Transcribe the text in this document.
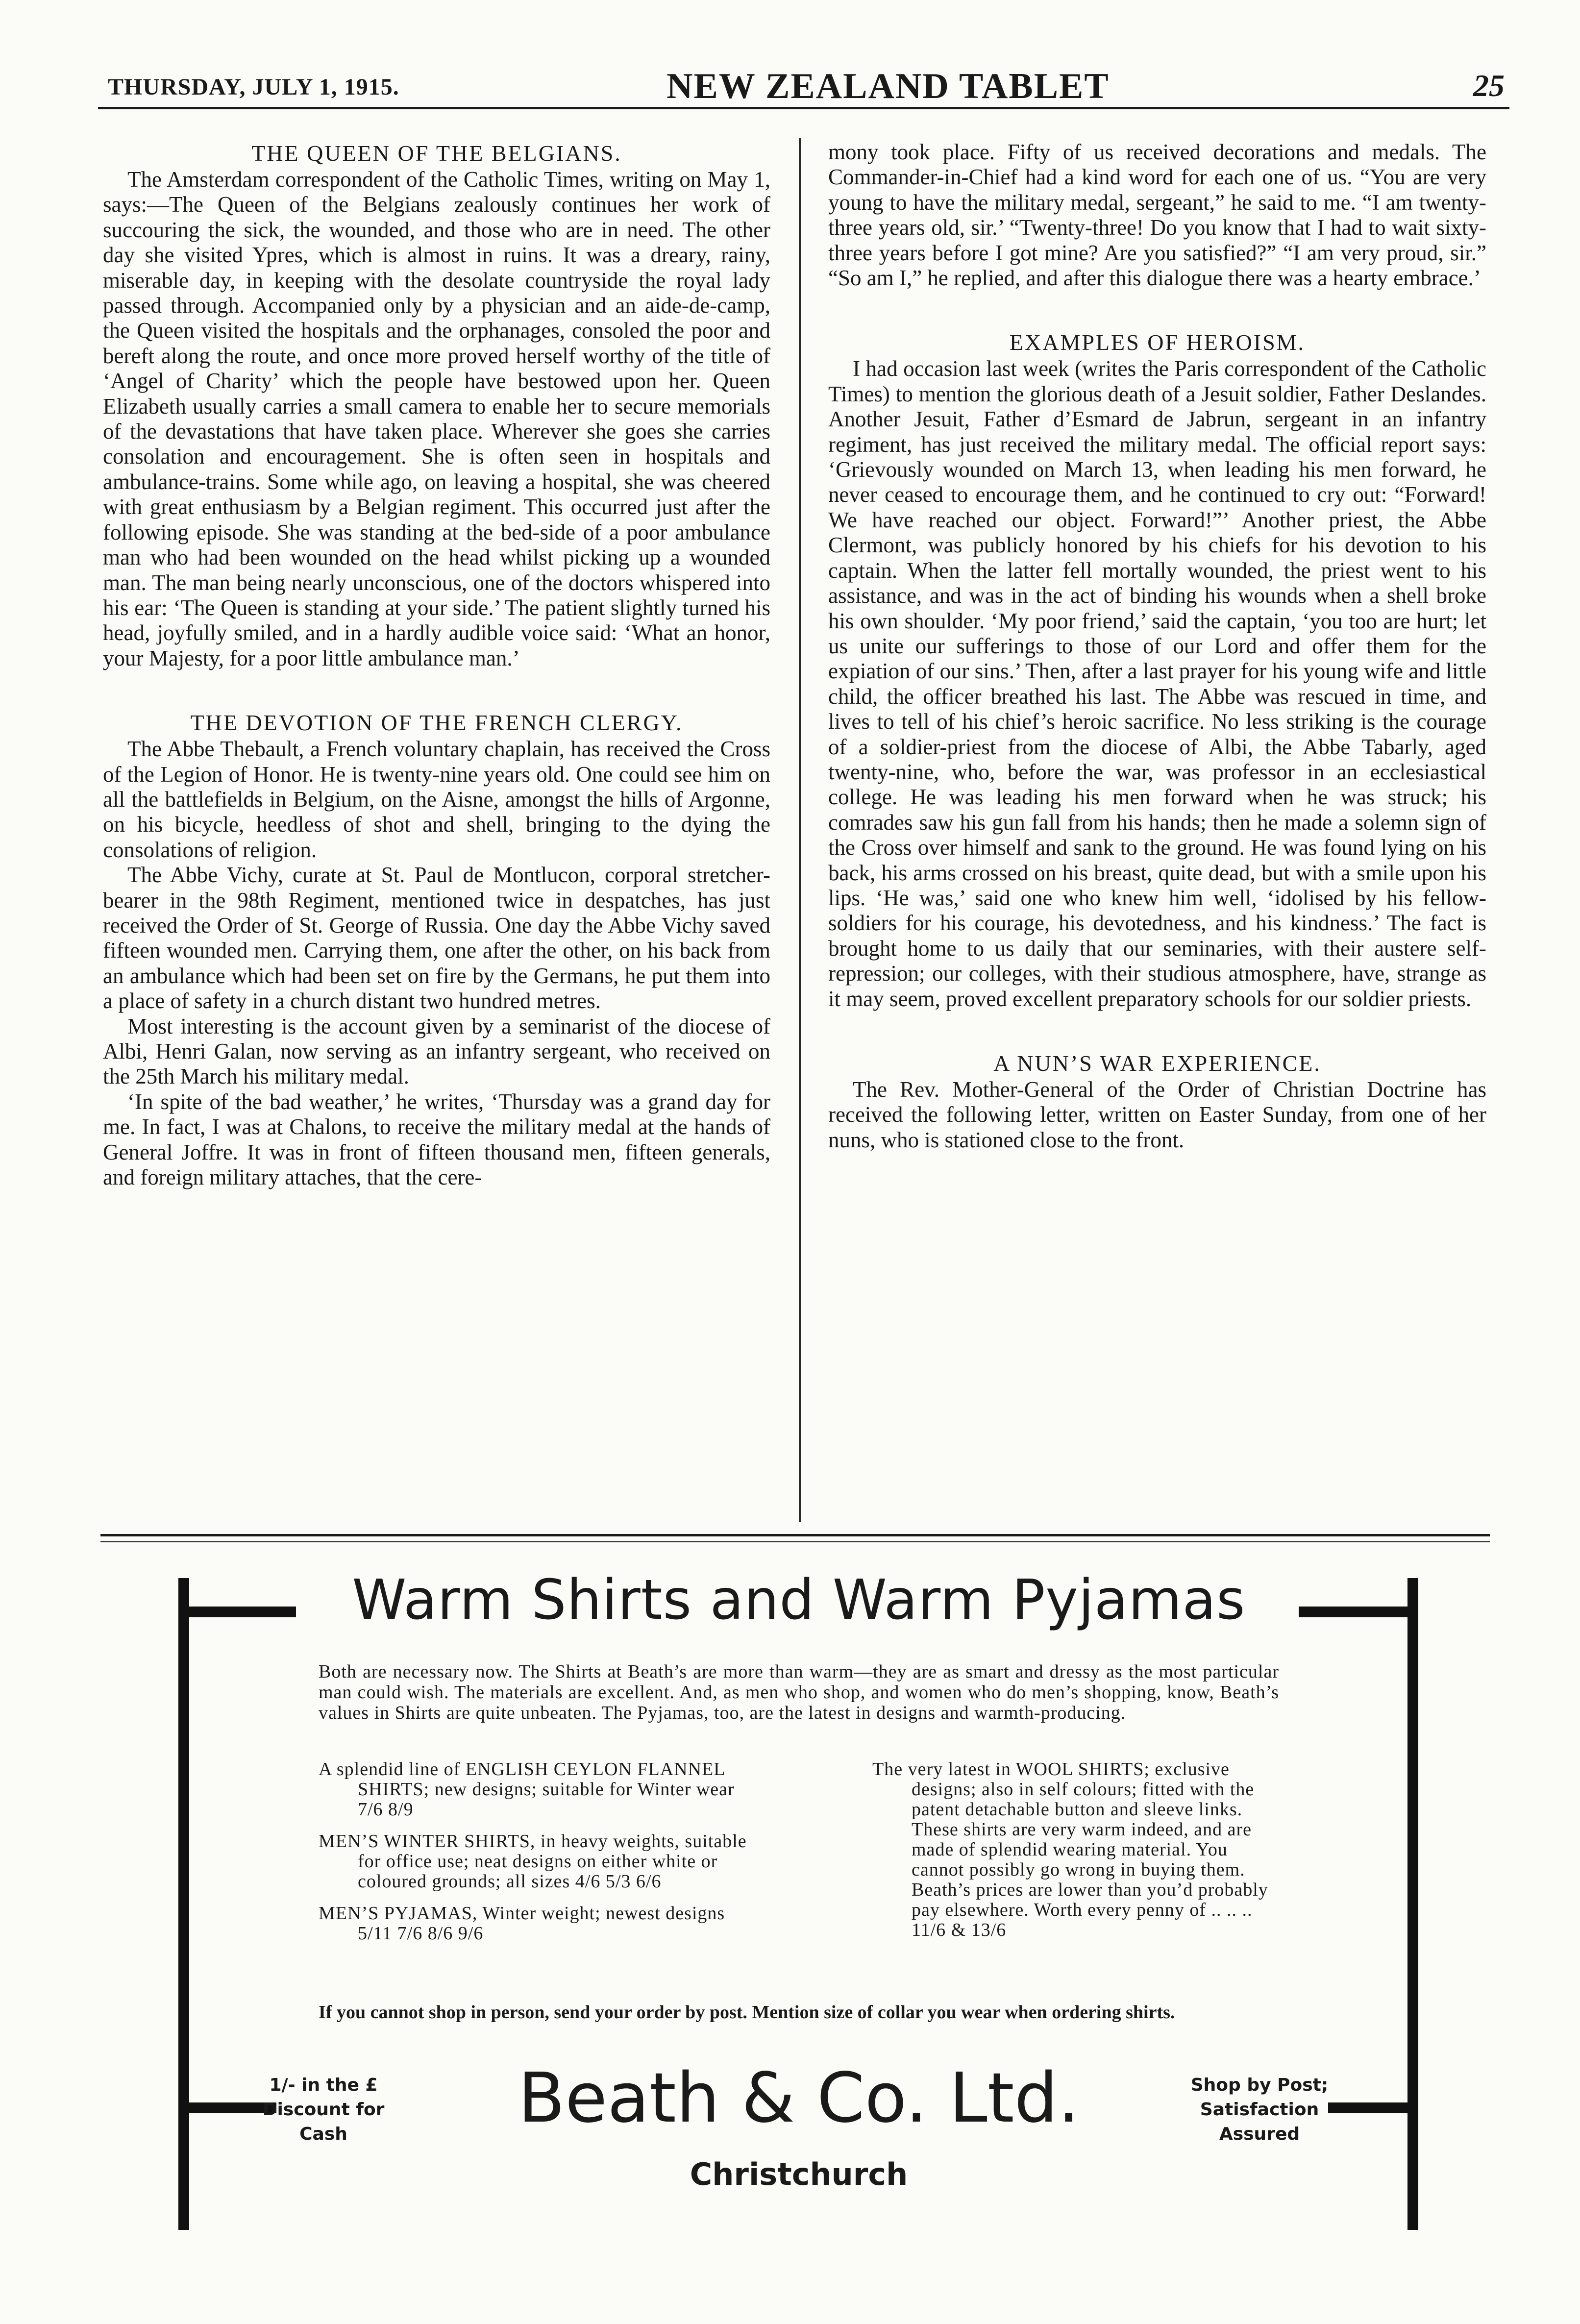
THURSDAY, JULY 1, 1915.	NEW ZEALAND TABLET	25
THE QUEEN OF THE BELGIANS.

The Amsterdam correspondent of the Catholic Times, writing on May 1, says:—The Queen of the Belgians zealously continues her work of succouring the sick, the wounded, and those who are in need. The other day she visited Ypres, which is almost in ruins. It was a dreary, rainy, miserable day, in keeping with the desolate countryside the royal lady passed through. Accompanied only by a physician and an aide-de-camp, the Queen visited the hospitals and the orphanages, consoled the poor and bereft along the route, and once more proved herself worthy of the title of ‘Angel of Charity’ which the people have bestowed upon her. Queen Elizabeth usually carries a small camera to enable her to secure memorials of the devastations that have taken place. Wherever she goes she carries consolation and encouragement. She is often seen in hospitals and ambulance-trains. Some while ago, on leaving a hospital, she was cheered with great enthusiasm by a Belgian regiment. This occurred just after the following episode. She was standing at the bed-side of a poor ambulance man who had been wounded on the head whilst picking up a wounded man. The man being nearly unconscious, one of the doctors whispered into his ear: ‘The Queen is standing at your side.’ The patient slightly turned his head, joyfully smiled, and in a hardly audible voice said: ‘What an honor, your Majesty, for a poor little ambulance man.’

THE DEVOTION OF THE FRENCH CLERGY.

The Abbe Thebault, a French voluntary chaplain, has received the Cross of the Legion of Honor. He is twenty-nine years old. One could see him on all the battlefields in Belgium, on the Aisne, amongst the hills of Argonne, on his bicycle, heedless of shot and shell, bringing to the dying the consolations of religion.

The Abbe Vichy, curate at St. Paul de Montlucon, corporal stretcher-bearer in the 98th Regiment, mentioned twice in despatches, has just received the Order of St. George of Russia. One day the Abbe Vichy saved fifteen wounded men. Carrying them, one after the other, on his back from an ambulance which had been set on fire by the Germans, he put them into a place of safety in a church distant two hundred metres.

Most interesting is the account given by a seminarist of the diocese of Albi, Henri Galan, now serving as an infantry sergeant, who received on the 25th March his military medal.

‘In spite of the bad weather,’ he writes, ‘Thursday was a grand day for me. In fact, I was at Chalons, to receive the military medal at the hands of General Joffre. It was in front of fifteen thousand men, fifteen generals, and foreign military attaches, that the cere-

mony took place. Fifty of us received decorations and medals. The Commander-in-Chief had a kind word for each one of us. “You are very young to have the military medal, sergeant,” he said to me. “I am twenty-three years old, sir.’ “Twenty-three! Do you know that I had to wait sixty-three years before I got mine? Are you satisfied?” “I am very proud, sir.” “So am I,” he replied, and after this dialogue there was a hearty embrace.’

EXAMPLES OF HEROISM.

I had occasion last week (writes the Paris correspondent of the Catholic Times) to mention the glorious death of a Jesuit soldier, Father Deslandes. Another Jesuit, Father d’Esmard de Jabrun, sergeant in an infantry regiment, has just received the military medal. The official report says: ‘Grievously wounded on March 13, when leading his men forward, he never ceased to encourage them, and he continued to cry out: “Forward! We have reached our object. Forward!”’ Another priest, the Abbe Clermont, was publicly honored by his chiefs for his devotion to his captain. When the latter fell mortally wounded, the priest went to his assistance, and was in the act of binding his wounds when a shell broke his own shoulder. ‘My poor friend,’ said the captain, ‘you too are hurt; let us unite our sufferings to those of our Lord and offer them for the expiation of our sins.’ Then, after a last prayer for his young wife and little child, the officer breathed his last. The Abbe was rescued in time, and lives to tell of his chief’s heroic sacrifice. No less striking is the courage of a soldier-priest from the diocese of Albi, the Abbe Tabarly, aged twenty-nine, who, before the war, was professor in an ecclesiastical college. He was leading his men forward when he was struck; his comrades saw his gun fall from his hands; then he made a solemn sign of the Cross over himself and sank to the ground. He was found lying on his back, his arms crossed on his breast, quite dead, but with a smile upon his lips. ‘He was,’ said one who knew him well, ‘idolised by his fellow-soldiers for his courage, his devotedness, and his kindness.’ The fact is brought home to us daily that our seminaries, with their austere self-repression; our colleges, with their studious atmosphere, have, strange as it may seem, proved excellent preparatory schools for our soldier priests.

A NUN’S WAR EXPERIENCE.

The Rev. Mother-General of the Order of Christian Doctrine has received the following letter, written on Easter Sunday, from one of her nuns, who is stationed close to the front.

Warm Shirts and Warm Pyjamas
Both are necessary now. The Shirts at Beath’s are more than warm—they are as smart and dressy as the most particular man could wish. The materials are excellent. And, as men who shop, and women who do men’s shopping, know, Beath’s values in Shirts are quite unbeaten. The Pyjamas, too, are the latest in designs and warmth-producing.

A splendid line of ENGLISH CEYLON FLANNEL SHIRTS; new designs; suitable for Winter wear 7/6 8/9

MEN’S WINTER SHIRTS, in heavy weights, suitable for office use; neat designs on either white or coloured grounds; all sizes 4/6 5/3 6/6

MEN’S PYJAMAS, Winter weight; newest designs 5/11 7/6 8/6 9/6

The very latest in WOOL SHIRTS; exclusive designs; also in self colours; fitted with the patent detachable button and sleeve links. These shirts are very warm indeed, and are made of splendid wearing material. You cannot possibly go wrong in buying them. Beath’s prices are lower than you’d probably pay elsewhere. Worth every penny of .. .. .. 11/6 & 13/6

If you cannot shop in person, send your order by post. Mention size of collar you wear when ordering shirts.
1/- in the £
Discount for Cash
Shop by Post;
Satisfaction Assured
Beath & Co. Ltd.
Christchurch
